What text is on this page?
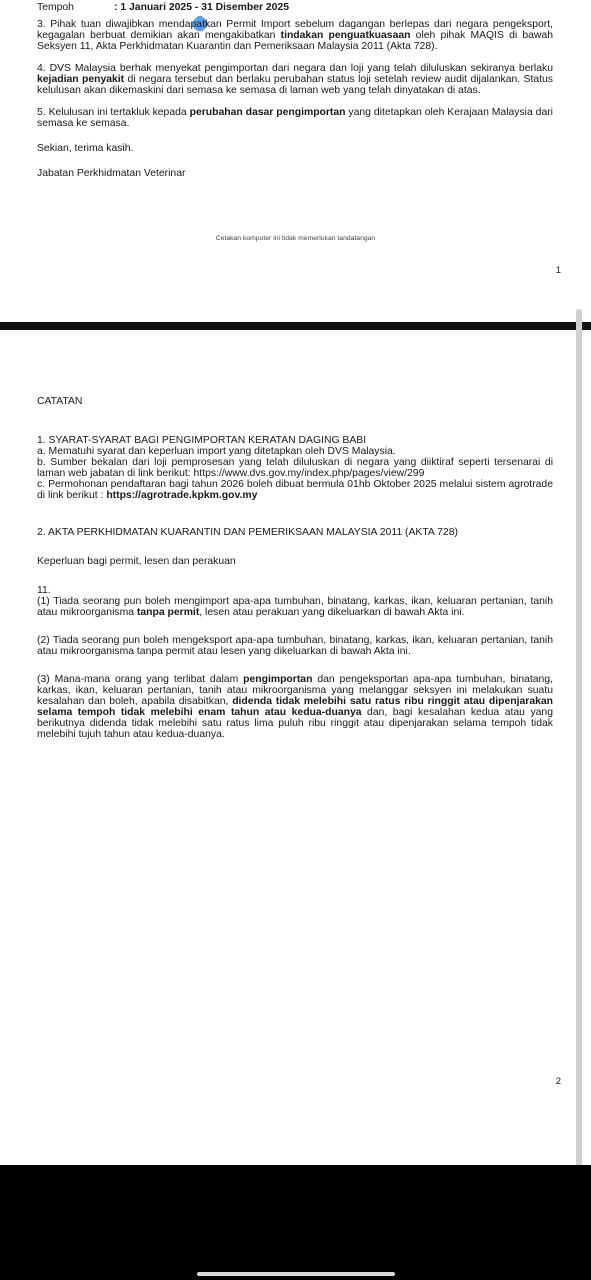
Tempoh	: 1 Januari 2025 - 31 Disember 2025

3. Pihak tuan diwajibkan mendapatkan Permit Import sebelum dagangan berlepas dari negara pengeksport, kegagalan berbuat demikian akan mengakibatkan tindakan penguatkuasaan oleh pihak MAQIS di bawah Seksyen 11, Akta Perkhidmatan Kuarantin dan Pemeriksaan Malaysia 2011 (Akta 728).

4. DVS Malaysia berhak menyekat pengimportan dari negara dan loji yang telah diluluskan sekiranya berlaku kejadian penyakit di negara tersebut dan berlaku perubahan status loji setelah review audit dijalankan. Status kelulusan akan dikemaskini dari semasa ke semasa di laman web yang telah dinyatakan di atas.

5. Kelulusan ini tertakluk kepada perubahan dasar pengimportan yang ditetapkan oleh Kerajaan Malaysia dari semasa ke semasa.

Sekian, terima kasih.

Jabatan Perkhidmatan Veterinar

Cetakan komputer ini tidak memerlukan tandatangan
1

CATATAN

1. SYARAT-SYARAT BAGI PENGIMPORTAN KERATAN DAGING BABI

a. Mematuhi syarat dan keperluan import yang ditetapkan oleh DVS Malaysia.

b. Sumber bekalan dari loji pemprosesan yang telah diluluskan di negara yang diiktiraf seperti tersenarai di laman web jabatan di link berikut: https://www.dvs.gov.my/index.php/pages/view/299

c. Permohonan pendaftaran bagi tahun 2026 boleh dibuat bermula 01hb Oktober 2025 melalui sistem agrotrade di link berikut : https://agrotrade.kpkm.gov.my

2. AKTA PERKHIDMATAN KUARANTIN DAN PEMERIKSAAN MALAYSIA 2011 (AKTA 728)

Keperluan bagi permit, lesen dan perakuan

11.

(1) Tiada seorang pun boleh mengimport apa-apa tumbuhan, binatang, karkas, ikan, keluaran pertanian, tanih atau mikroorganisma tanpa permit, lesen atau perakuan yang dikeluarkan di bawah Akta ini.

(2) Tiada seorang pun boleh mengeksport apa-apa tumbuhan, binatang, karkas, ikan, keluaran pertanian, tanih atau mikroorganisma tanpa permit atau lesen yang dikeluarkan di bawah Akta ini.

(3) Mana-mana orang yang terlibat dalam pengimportan dan pengeksportan apa-apa tumbuhan, binatang, karkas, ikan, keluaran pertanian, tanih atau mikroorganisma yang melanggar seksyen ini melakukan suatu kesalahan dan boleh, apabila disabitkan, didenda tidak melebihi satu ratus ribu ringgit atau dipenjarakan selama tempoh tidak melebihi enam tahun atau kedua-duanya dan, bagi kesalahan kedua atau yang berikutnya didenda tidak melebihi satu ratus lima puluh ribu ringgit atau dipenjarakan selama tempoh tidak melebihi tujuh tahun atau kedua-duanya.

2
